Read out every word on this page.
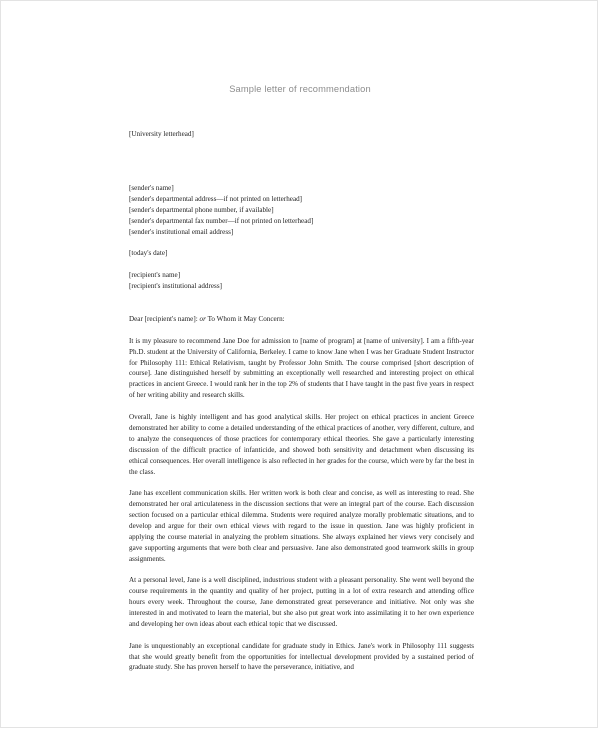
Sample letter of recommendation
[University letterhead]
[sender's name]
[sender's departmental address—if not printed on letterhead]
[sender's departmental phone number, if available]
[sender's departmental fax number—if not printed on letterhead]
[sender's institutional email address]
[today's date]
[recipient's name]
[recipient's institutional address]
Dear [recipient's name]: or To Whom it May Concern:

It is my pleasure to recommend Jane Doe for admission to [name of program] at [name of university]. I am a fifth-year Ph.D. student at the University of California, Berkeley. I came to know Jane when I was her Graduate Student Instructor for Philosophy 111: Ethical Relativism, taught by Professor John Smith. The course comprised [short description of course]. Jane distinguished herself by submitting an exceptionally well researched and interesting project on ethical practices in ancient Greece. I would rank her in the top 2% of students that I have taught in the past five years in respect of her writing ability and research skills.

Overall, Jane is highly intelligent and has good analytical skills. Her project on ethical practices in ancient Greece demonstrated her ability to come a detailed understanding of the ethical practices of another, very different, culture, and to analyze the consequences of those practices for contemporary ethical theories. She gave a particularly interesting discussion of the difficult practice of infanticide, and showed both sensitivity and detachment when discussing its ethical consequences. Her overall intelligence is also reflected in her grades for the course, which were by far the best in the class.

Jane has excellent communication skills. Her written work is both clear and concise, as well as interesting to read. She demonstrated her oral articulateness in the discussion sections that were an integral part of the course. Each discussion section focused on a particular ethical dilemma. Students were required analyze morally problematic situations, and to develop and argue for their own ethical views with regard to the issue in question. Jane was highly proficient in applying the course material in analyzing the problem situations. She always explained her views very concisely and gave supporting arguments that were both clear and persuasive. Jane also demonstrated good teamwork skills in group assignments.

At a personal level, Jane is a well disciplined, industrious student with a pleasant personality. She went well beyond the course requirements in the quantity and quality of her project, putting in a lot of extra research and attending office hours every week. Throughout the course, Jane demonstrated great perseverance and initiative. Not only was she interested in and motivated to learn the material, but she also put great work into assimilating it to her own experience and developing her own ideas about each ethical topic that we discussed.

Jane is unquestionably an exceptional candidate for graduate study in Ethics. Jane's work in Philosophy 111 suggests that she would greatly benefit from the opportunities for intellectual development provided by a sustained period of graduate study. She has proven herself to have the perseverance, initiative, and
